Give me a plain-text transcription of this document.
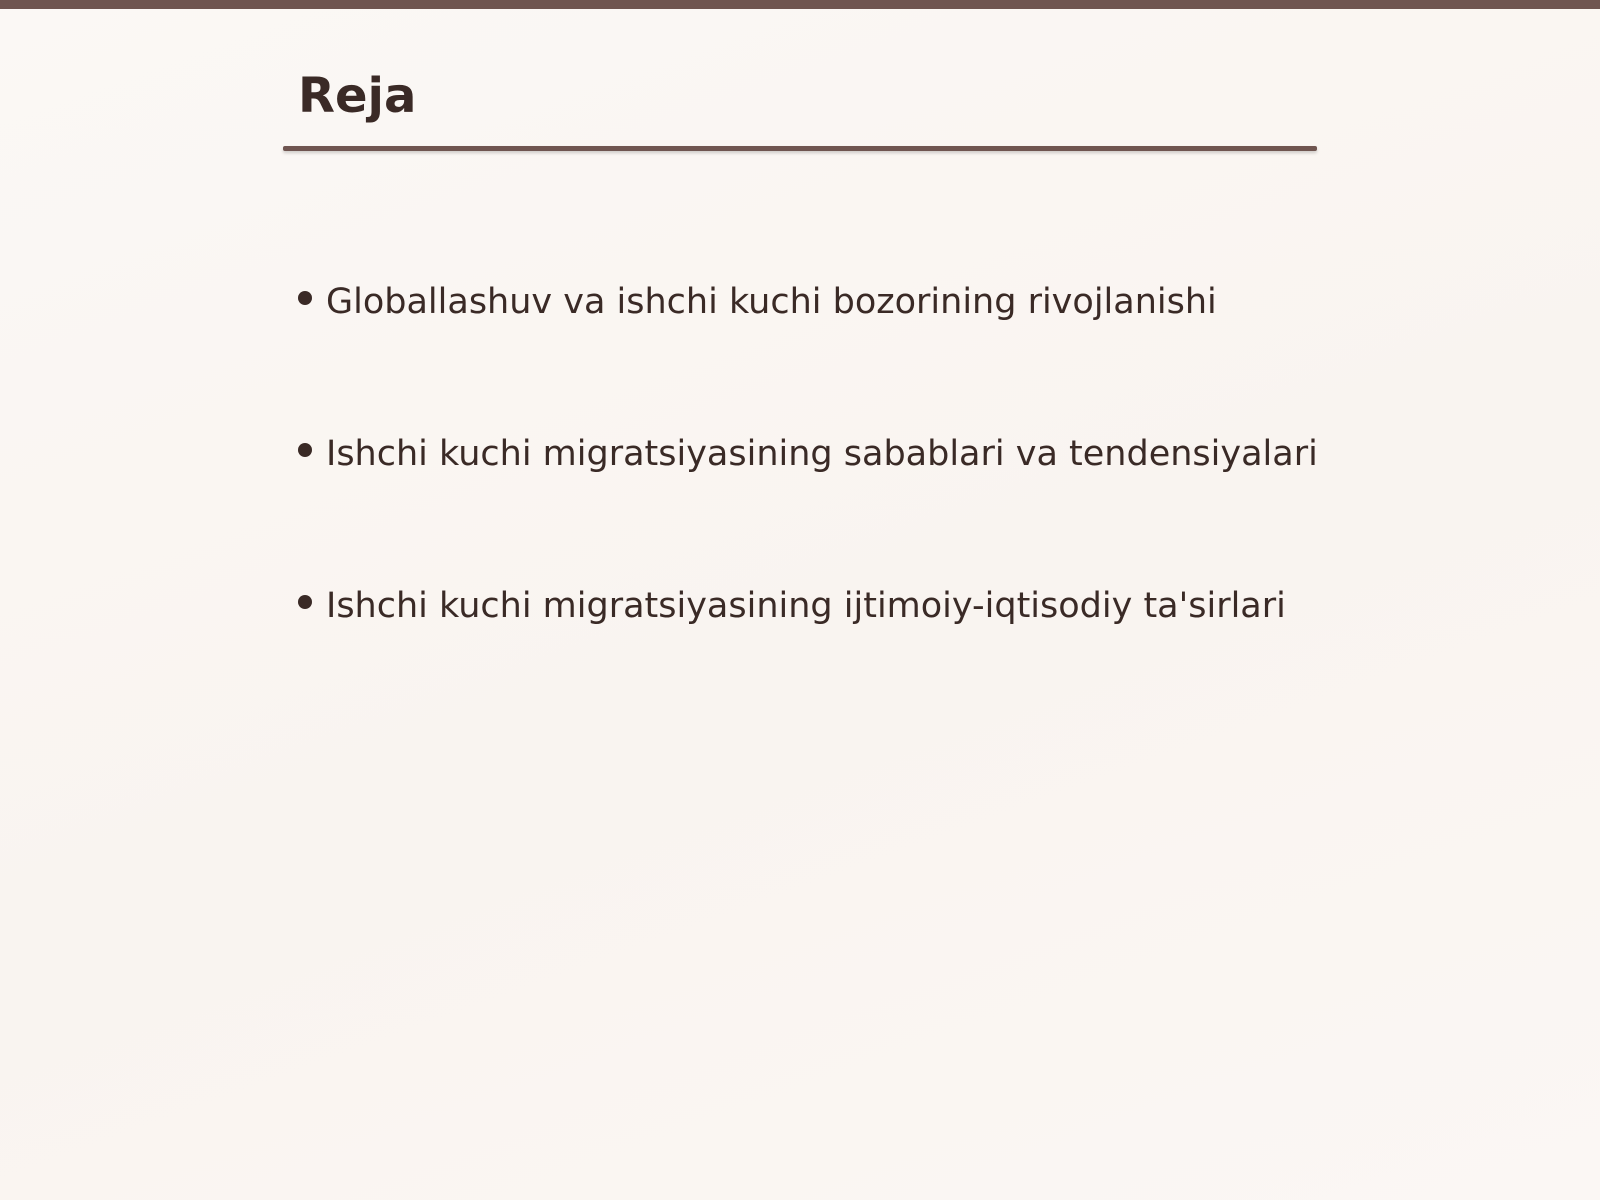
Reja
Globallashuv va ishchi kuchi bozorining rivojlanishi
Ishchi kuchi migratsiyasining sabablari va tendensiyalari
Ishchi kuchi migratsiyasining ijtimoiy-iqtisodiy ta'sirlari
